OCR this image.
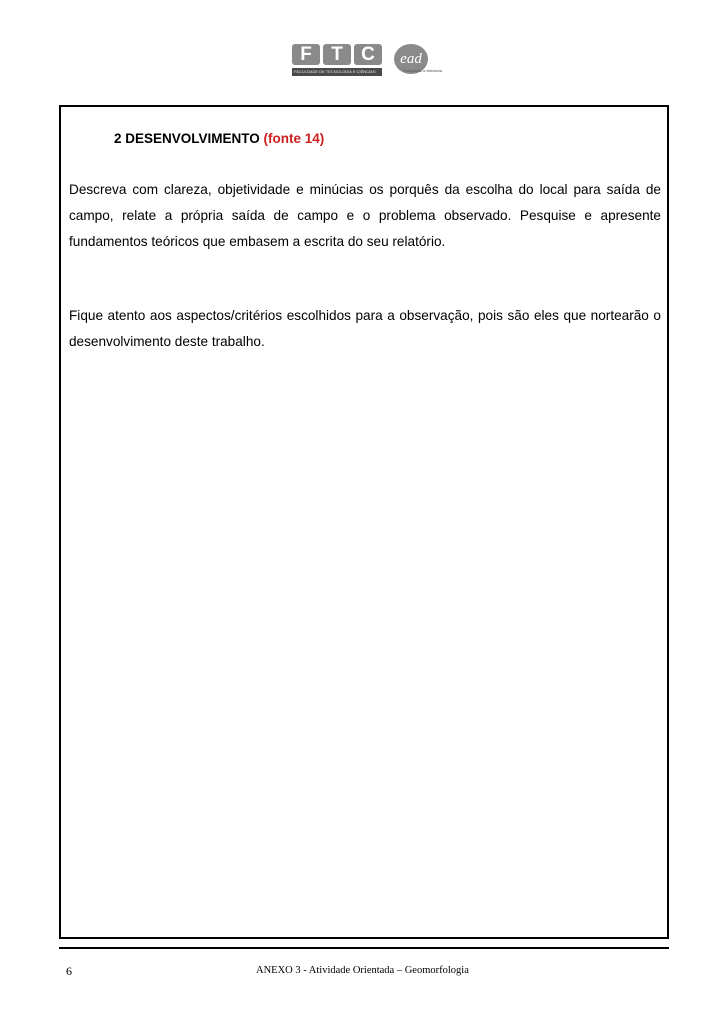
F	T C
FACULDADE DE TECNOLOGIA E CIÊNCIAS
ead
Educação a distância
2 DESENVOLVIMENTO (fonte 14)

Descreva com clareza, objetividade e minúcias os porquês da escolha do local para saída de campo, relate a própria saída de campo e o problema observado. Pesquise e apresente fundamentos teóricos que embasem a escrita do seu relatório.

Fique atento aos aspectos/critérios escolhidos para a observação, pois são eles que nortearão o desenvolvimento deste trabalho.

6	ANEXO 3 - Atividade Orientada – Geomorfologia
